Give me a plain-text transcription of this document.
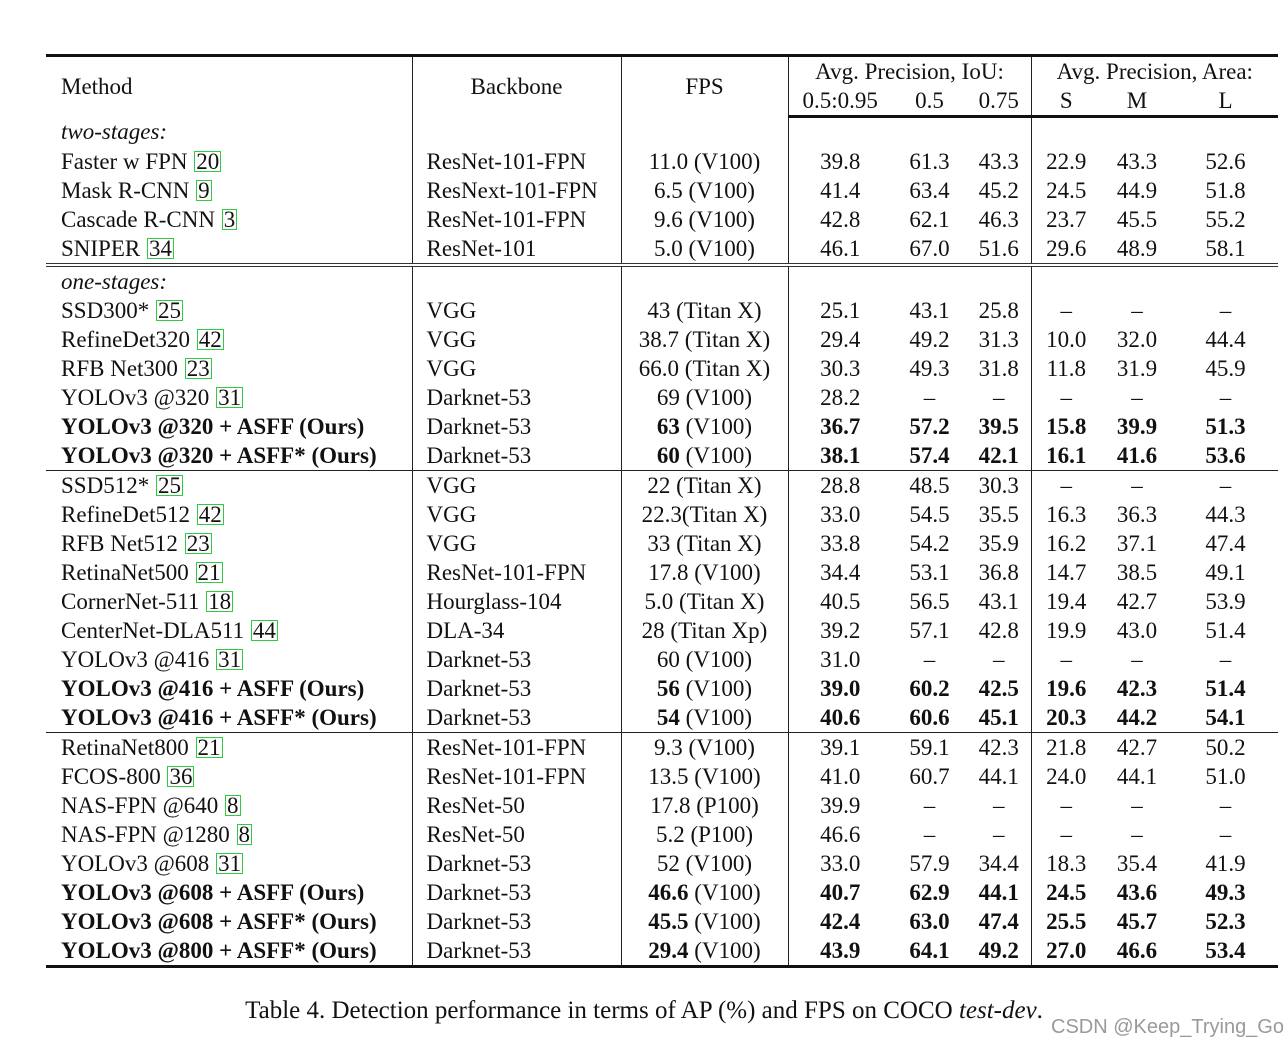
Method	Backbone	FPS	Avg. Precision, IoU:			Avg. Precision, Area:		
			0.5:0.95	0.5	0.75	S	M	L
two-stages:								
Faster w FPN 20	ResNet-101-FPN	11.0 (V100)	39.8	61.3	43.3	22.9	43.3	52.6
Mask R-CNN 9	ResNext-101-FPN	6.5 (V100)	41.4	63.4	45.2	24.5	44.9	51.8
Cascade R-CNN 3	ResNet-101-FPN	9.6 (V100)	42.8	62.1	46.3	23.7	45.5	55.2
SNIPER 34	ResNet-101	5.0 (V100)	46.1	67.0	51.6	29.6	48.9	58.1
one-stages:								
SSD300* 25	VGG	43 (Titan X)	25.1	43.1	25.8	–	–	–
RefineDet320 42	VGG	38.7 (Titan X)	29.4	49.2	31.3	10.0	32.0	44.4
RFB Net300 23	VGG	66.0 (Titan X)	30.3	49.3	31.8	11.8	31.9	45.9
YOLOv3 @320 31	Darknet-53	69 (V100)	28.2	–	–	–	–	–
YOLOv3 @320 + ASFF (Ours)	Darknet-53	63 (V100)	36.7	57.2	39.5	15.8	39.9	51.3
YOLOv3 @320 + ASFF* (Ours)	Darknet-53	60 (V100)	38.1	57.4	42.1	16.1	41.6	53.6
SSD512* 25	VGG	22 (Titan X)	28.8	48.5	30.3	–	–	–
RefineDet512 42	VGG	22.3(Titan X)	33.0	54.5	35.5	16.3	36.3	44.3
RFB Net512 23	VGG	33 (Titan X)	33.8	54.2	35.9	16.2	37.1	47.4
RetinaNet500 21	ResNet-101-FPN	17.8 (V100)	34.4	53.1	36.8	14.7	38.5	49.1
CornerNet-511 18	Hourglass-104	5.0 (Titan X)	40.5	56.5	43.1	19.4	42.7	53.9
CenterNet-DLA511 44	DLA-34	28 (Titan Xp)	39.2	57.1	42.8	19.9	43.0	51.4
YOLOv3 @416 31	Darknet-53	60 (V100)	31.0	–	–	–	–	–
YOLOv3 @416 + ASFF (Ours)	Darknet-53	56 (V100)	39.0	60.2	42.5	19.6	42.3	51.4
YOLOv3 @416 + ASFF* (Ours)	Darknet-53	54 (V100)	40.6	60.6	45.1	20.3	44.2	54.1
RetinaNet800 21	ResNet-101-FPN	9.3 (V100)	39.1	59.1	42.3	21.8	42.7	50.2
FCOS-800 36	ResNet-101-FPN	13.5 (V100)	41.0	60.7	44.1	24.0	44.1	51.0
NAS-FPN @640 8	ResNet-50	17.8 (P100)	39.9	–	–	–	–	–
NAS-FPN @1280 8	ResNet-50	5.2 (P100)	46.6	–	–	–	–	–
YOLOv3 @608 31	Darknet-53	52 (V100)	33.0	57.9	34.4	18.3	35.4	41.9
YOLOv3 @608 + ASFF (Ours)	Darknet-53	46.6 (V100)	40.7	62.9	44.1	24.5	43.6	49.3
YOLOv3 @608 + ASFF* (Ours)	Darknet-53	45.5 (V100)	42.4	63.0	47.4	25.5	45.7	52.3
YOLOv3 @800 + ASFF* (Ours)	Darknet-53	29.4 (V100)	43.9	64.1	49.2	27.0	46.6	53.4
Table 4. Detection performance in terms of AP (%) and FPS on COCO test-dev.
CSDN @Keep_Trying_Go
